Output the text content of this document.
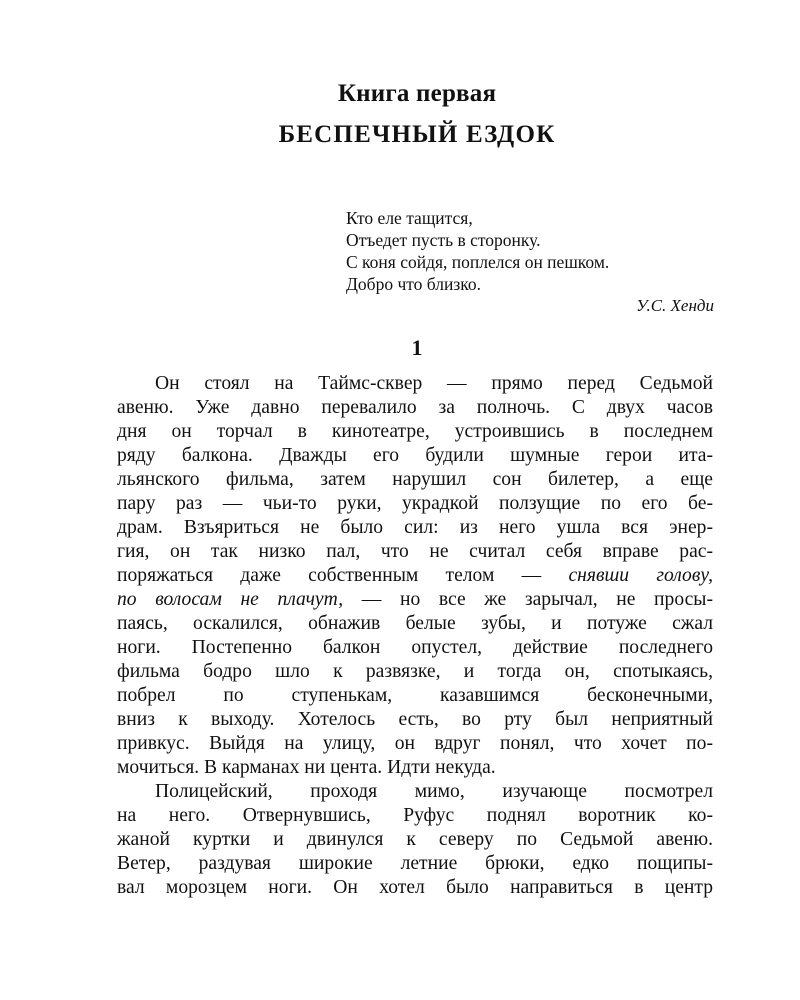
Книга первая
БЕСПЕЧНЫЙ ЕЗДОК
Кто еле тащится,
Отъедет пусть в сторонку.
С коня сойдя, поплелся он пешком.
Добро что близко.
У.С. Хенди
1
Он стоял на Таймс-сквер — прямо перед Седьмой
авеню. Уже давно перевалило за полночь. С двух часов
дня он торчал в кинотеатре, устроившись в последнем
ряду балкона. Дважды его будили шумные герои ита-
льянского фильма, затем нарушил сон билетер, а еще
пару раз — чьи-то руки, украдкой ползущие по его бе-
драм. Взъяриться не было сил: из него ушла вся энер-
гия, он так низко пал, что не считал себя вправе рас-
поряжаться даже собственным телом — снявши голову,
по волосам не плачут, — но все же зарычал, не просы-
паясь, оскалился, обнажив белые зубы, и потуже сжал
ноги. Постепенно балкон опустел, действие последнего
фильма бодро шло к развязке, и тогда он, спотыкаясь,
побрел по ступенькам, казавшимся бесконечными,
вниз к выходу. Хотелось есть, во рту был неприятный
привкус. Выйдя на улицу, он вдруг понял, что хочет по-
мочиться. В карманах ни цента. Идти некуда.
Полицейский, проходя мимо, изучающе посмотрел
на него. Отвернувшись, Руфус поднял воротник ко-
жаной куртки и двинулся к северу по Седьмой авеню.
Ветер, раздувая широкие летние брюки, едко пощипы-
вал морозцем ноги. Он хотел было направиться в центр
